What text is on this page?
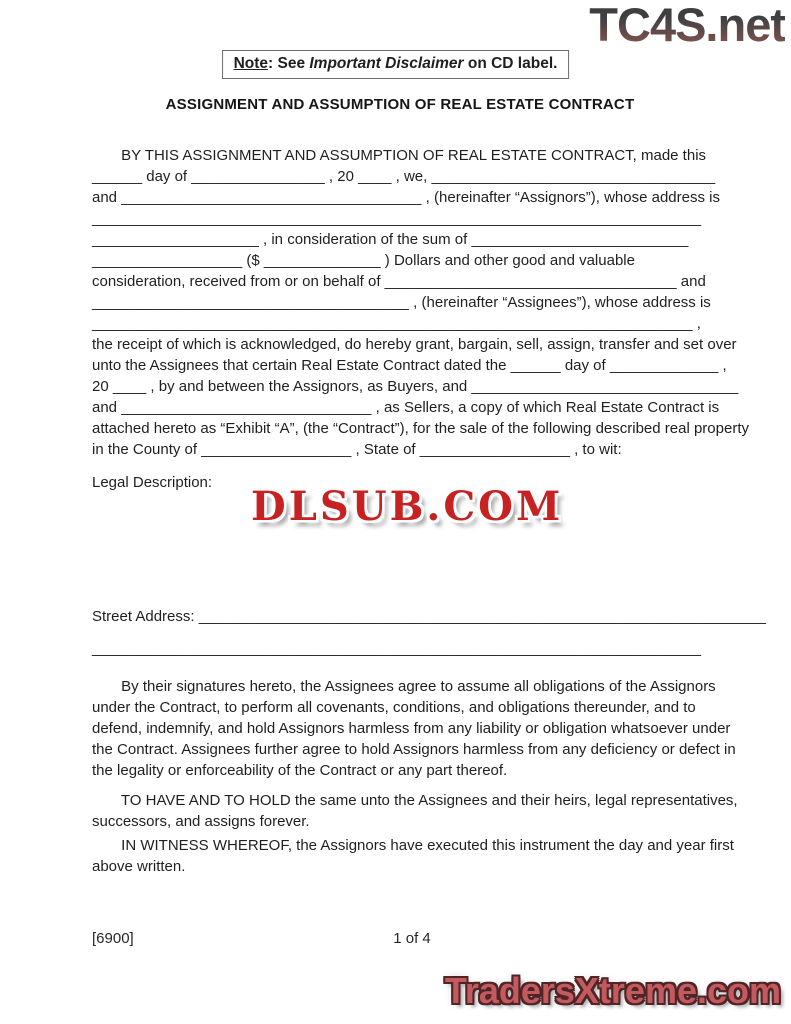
TC4S.net
Note: See Important Disclaimer on CD label.
ASSIGNMENT AND ASSUMPTION OF REAL ESTATE CONTRACT
BY THIS ASSIGNMENT AND ASSUMPTION OF REAL ESTATE CONTRACT, made this
______ day of ________________ , 20 ____ , we, __________________________________
and ____________________________________ , (hereinafter “Assignors”), whose address is
_________________________________________________________________________
____________________ , in consideration of the sum of __________________________
__________________ ($ ______________ ) Dollars and other good and valuable
consideration, received from or on behalf of ___________________________________ and
______________________________________ , (hereinafter “Assignees”), whose address is
________________________________________________________________________ ,
the receipt of which is acknowledged, do hereby grant, bargain, sell, assign, transfer and set over
unto the Assignees that certain Real Estate Contract dated the ______ day of _____________ ,
20 ____ , by and between the Assignors, as Buyers, and ________________________________
and ______________________________ , as Sellers, a copy of which Real Estate Contract is
attached hereto as “Exhibit “A”, (the “Contract”), for the sale of the following described real property
in the County of __________________ , State of __________________ , to wit:
Legal Description:
DLSUB.COM
Street Address: ____________________________________________________________________
_________________________________________________________________________
By their signatures hereto, the Assignees agree to assume all obligations of the Assignors
under the Contract, to perform all covenants, conditions, and obligations thereunder, and to
defend, indemnify, and hold Assignors harmless from any liability or obligation whatsoever under
the Contract. Assignees further agree to hold Assignors harmless from any deficiency or defect in
the legality or enforceability of the Contract or any part thereof.
TO HAVE AND TO HOLD the same unto the Assignees and their heirs, legal representatives,
successors, and assigns forever.
IN WITNESS WHEREOF, the Assignors have executed this instrument the day and year first
above written.
[6900]	1 of 4
TradersXtreme.com
